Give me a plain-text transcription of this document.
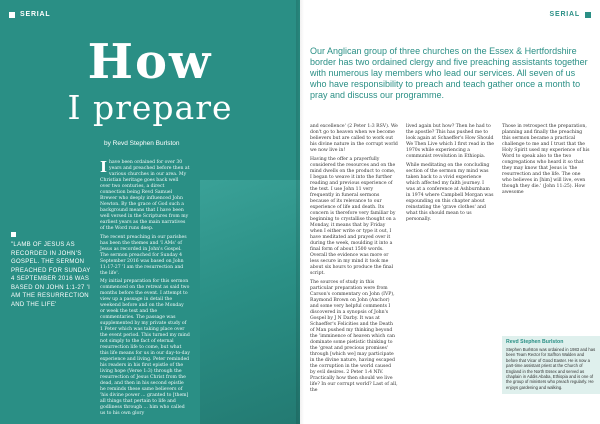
SERIAL
How
I prepare
by Revd Stephen Burlston

I have been ordained for over 30 years and preached before then at various churches in our area. My Christian heritage goes back well over two centuries, a direct connection being Revd Samuel Brewer who deeply influenced John Newton. By the grace of God such a background means that I have been well versed in the Scriptures from my earliest years as the main narratives of the Word runs deep.

The recent preaching in our parishes has been the themes and 'I AMs' of Jesus as recorded in John's Gospel. The sermon preached for Sunday 4 September 2016 was based on John 11:17-27 'I am the resurrection and the life'.

My initial preparation for this sermon commenced on the retreat as said two months before the event. I attempt to view up a passage in detail the weekend before and on the Monday or week the text and the commentaries. The passage was supplemented by my private study of 1 Peter which was taking place over the event period. This turned my mind not simply to the fact of eternal resurrection life to come, but what this life means for us in our day-to-day experience and living. Peter reminded his readers in his first epistle of the living hope (Verse 1:3) through the resurrection of Jesus Christ from the dead, and then in his second epistle he reminds these same believers of 'his divine power ... granted to [them] all things that pertain to life and godliness through ... him who called us to his own glory

"LAMB OF JESUS AS RECORDED IN JOHN'S GOSPEL. THE SERMON PREACHED FOR SUNDAY 4 SEPTEMBER 2016 WAS BASED ON JOHN 1:1-27 'I AM THE RESURRECTION AND THE LIFE'
SERIAL
Our Anglican group of three churches on the Essex & Hertfordshire border has two ordained clergy and five preaching assistants together with numerous lay members who lead our services. All seven of us who have responsibility to preach and teach gather once a month to pray and discuss our programme.

and excellence' (2 Peter 1:3 RSV). We don't go to heaven when we become believers but are called to work out his divine nature in the corrupt world we now live in!

Having the offer a prayerfully considered the resources and on the mind dwells on the product to come, I began to weave it into the further reading and previous experience of the text. I use John 11 very frequently in funeral sermons because of its relevance to our experience of life and death. Its concern is therefore very familiar by beginning to crystallise thought on a Monday, it means that by Friday when I either write or type it out, I have meditated and prayed over it during the week, moulding it into a final form of about 1500 words. Overall the evidence was more or less secure in my mind it took me about six hours to produce the final script.

The sources of study in this particular preparation were from Carson's commentary on John (IVP), Raymond Brown on John (Anchor) and some very helpful comments I discovered in a synopsis of John's Gospel by J N Darby. It was at Schaeffer's Felicities and the Death of Man pushed my thinking beyond the 'imminence of heaven which can dominate some pietistic thinking to the 'great and precious promises' through [which we] may participate in the divine nature, having escaped the corruption in the world caused by evil desires. 2 Peter 1:4 NIV. Practically how then should we live life? In our corrupt world? Last of all, the

lived again but how? Then he had to the apostle? This has pushed me to look again at Schaeffer's How Should We Then Live which I first read in the 1970s while experiencing a communist revolution in Ethiopia.

While meditating on the concluding section of the sermon my mind was taken back to a vivid experience which affected my faith journey. I was at a conference at Ashburnham in 1974 where Campbell Morgan was expounding on this chapter about reinstating the 'grave clothes' and what this should mean to us personally.

Those in retrospect the preparation, planning and finally the preaching this sermon became a practical challenge to me and I trust that the Holy Spirit used my experience of his Word to speak also to the two congregations who heard it so that they may know that Jesus is 'the resurrection and the life. The one who believes in [him] will live, even though they die.' (John 11:25). How awesome

Revd Stephen Burlston
Stephen Burlston was ordained in 1983 and has been Team Rector for Saffron Walden and before that Vicar of Good Easter. He is now a part-time assistant priest at the Church of England in the North Essex and served as chaplain in Addis Ababa, Ethiopia and is one of the group of ministers who preach regularly. He enjoys gardening and walking.
